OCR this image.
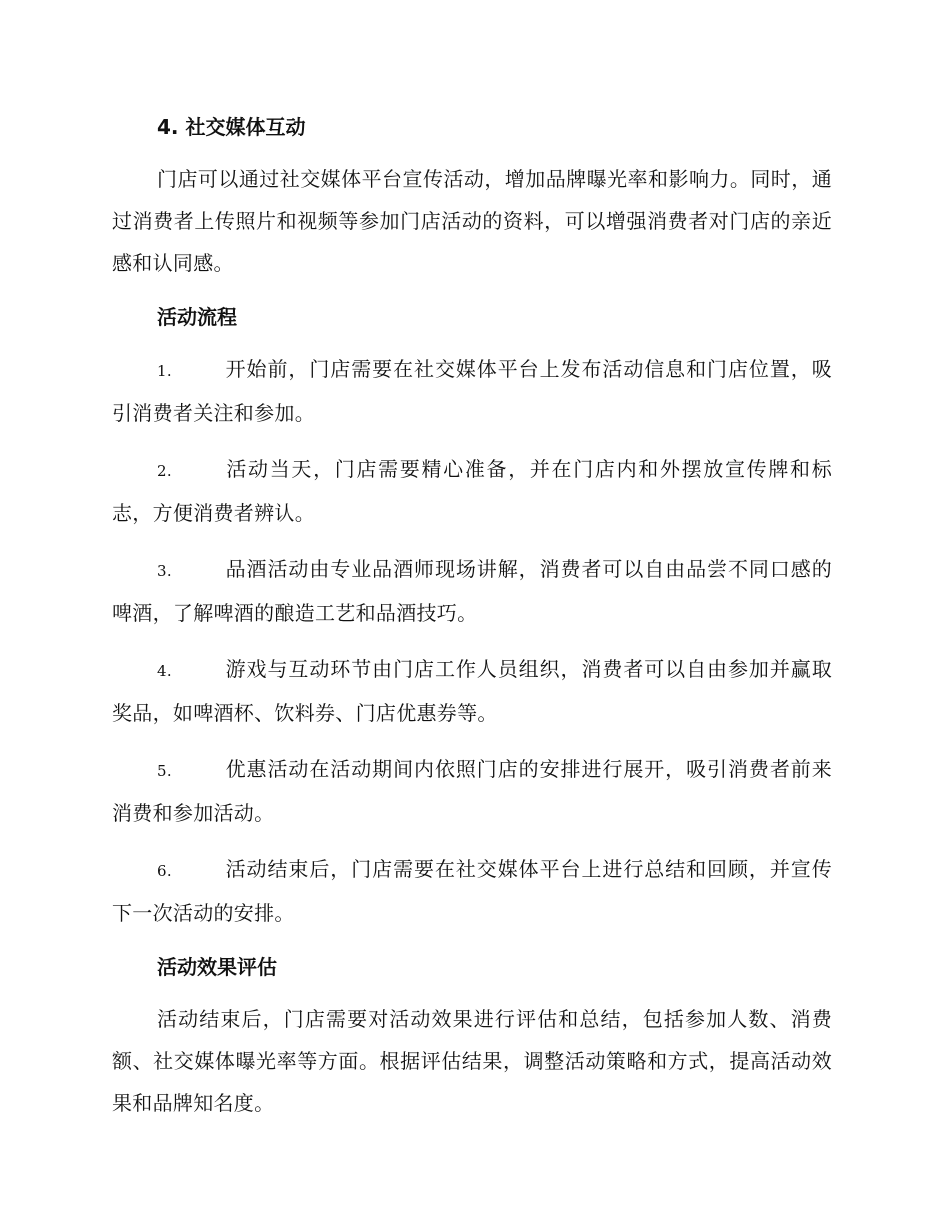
4. 社交媒体互动

门店可以通过社交媒体平台宣传活动，增加品牌曝光率和影响力。同时，通过消费者上传照片和视频等参加门店活动的资料，可以增强消费者对门店的亲近感和认同感。

活动流程

1.	开始前，门店需要在社交媒体平台上发布活动信息和门店位置，吸引消费者关注和参加。

2.	活动当天，门店需要精心准备，并在门店内和外摆放宣传牌和标志，方便消费者辨认。

3.	品酒活动由专业品酒师现场讲解，消费者可以自由品尝不同口感的啤酒，了解啤酒的酿造工艺和品酒技巧。

4.	游戏与互动环节由门店工作人员组织，消费者可以自由参加并赢取奖品，如啤酒杯、饮料券、门店优惠券等。

5.	优惠活动在活动期间内依照门店的安排进行展开，吸引消费者前来消费和参加活动。

6.	活动结束后，门店需要在社交媒体平台上进行总结和回顾，并宣传下一次活动的安排。

活动效果评估

活动结束后，门店需要对活动效果进行评估和总结，包括参加人数、消费额、社交媒体曝光率等方面。根据评估结果，调整活动策略和方式，提高活动效果和品牌知名度。
